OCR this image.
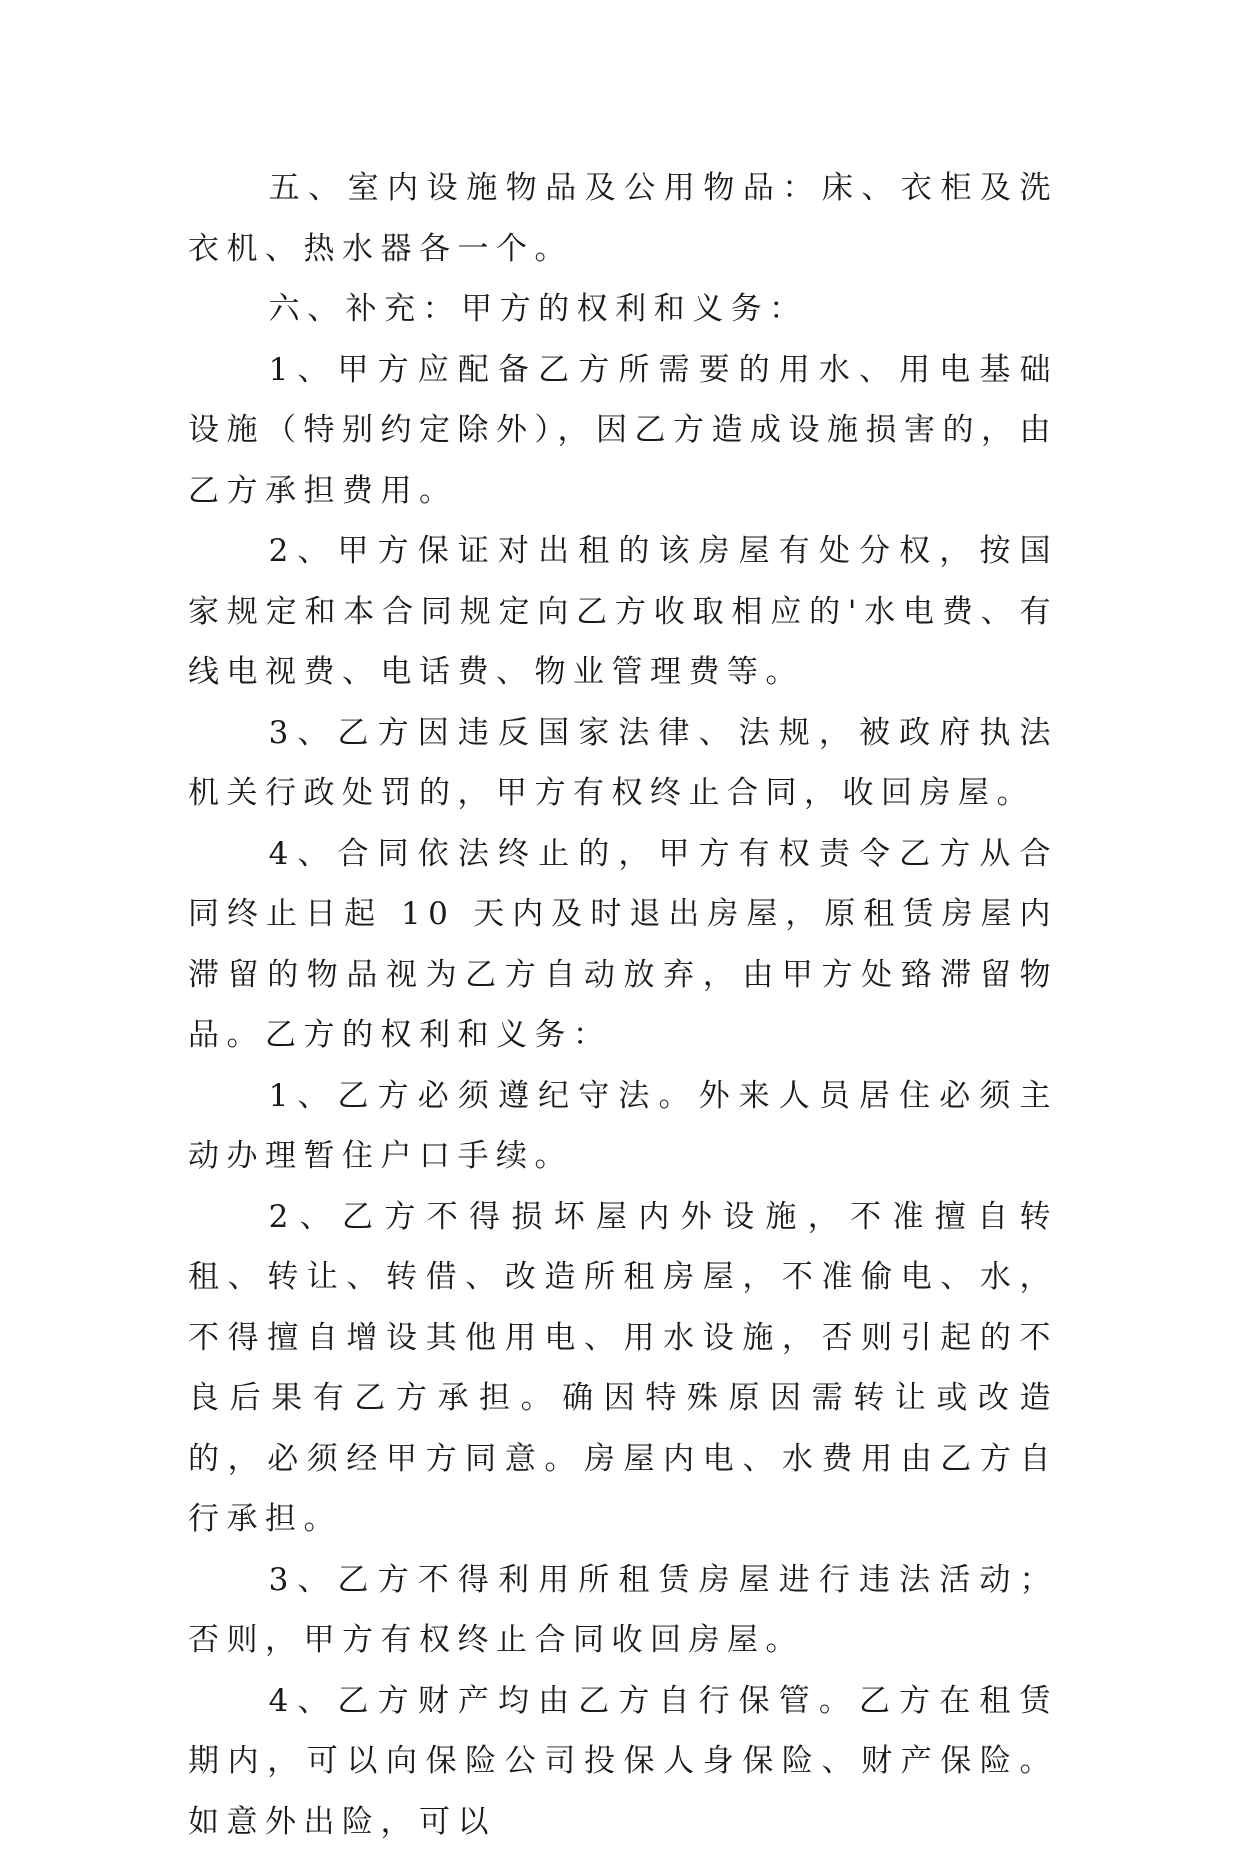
五、室内设施物品及公用物品：床、衣柜及洗衣机、热水器各一个。

六、补充：甲方的权利和义务：

1、甲方应配备乙方所需要的用水、用电基础设施（特别约定除外），因乙方造成设施损害的，由乙方承担费用。

2、甲方保证对出租的该房屋有处分权，按国家规定和本合同规定向乙方收取相应的'水电费、有线电视费、电话费、物业管理费等。

3、乙方因违反国家法律、法规，被政府执法机关行政处罚的，甲方有权终止合同，收回房屋。

4、合同依法终止的，甲方有权责令乙方从合同终止日起 10 天内及时退出房屋，原租赁房屋内滞留的物品视为乙方自动放弃，由甲方处臵滞留物品。乙方的权利和义务：

1、乙方必须遵纪守法。外来人员居住必须主动办理暂住户口手续。

2、乙方不得损坏屋内外设施，不准擅自转租、转让、转借、改造所租房屋，不准偷电、水，不得擅自增设其他用电、用水设施，否则引起的不良后果有乙方承担。确因特殊原因需转让或改造的，必须经甲方同意。房屋内电、水费用由乙方自行承担。

3、乙方不得利用所租赁房屋进行违法活动；否则，甲方有权终止合同收回房屋。

4、乙方财产均由乙方自行保管。乙方在租赁期内，可以向保险公司投保人身保险、财产保险。如意外出险，可以
